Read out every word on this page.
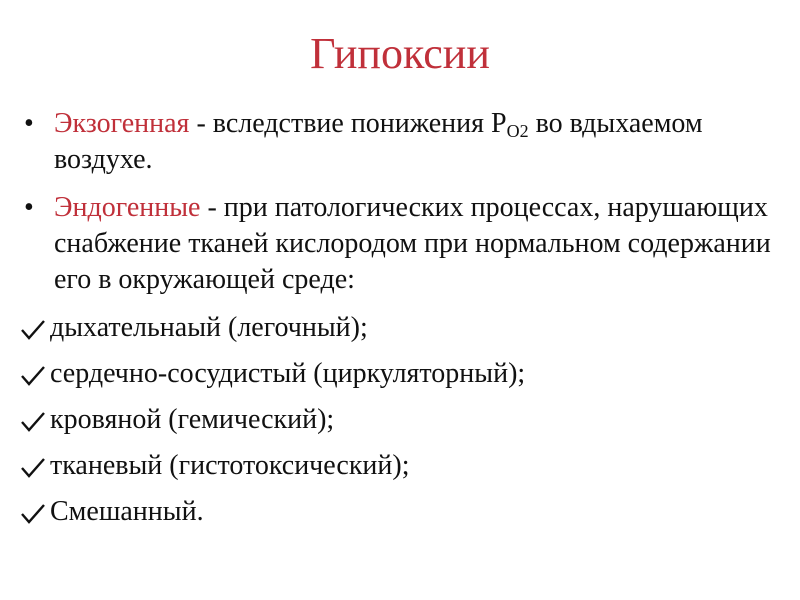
Гипоксии
• Экзогенная - вследствие понижения $Р_{О2}$ во вдыхаемом воздухе.
• Эндогенные - при патологических процессах, нарушающих снабжение тканей кислородом при нормальном содержании его в окружающей среде:
дыхательнаый (легочный);
сердечно-сосудистый (циркуляторный);
кровяной (гемический);
тканевый (гистотоксический);
Смешанный.
